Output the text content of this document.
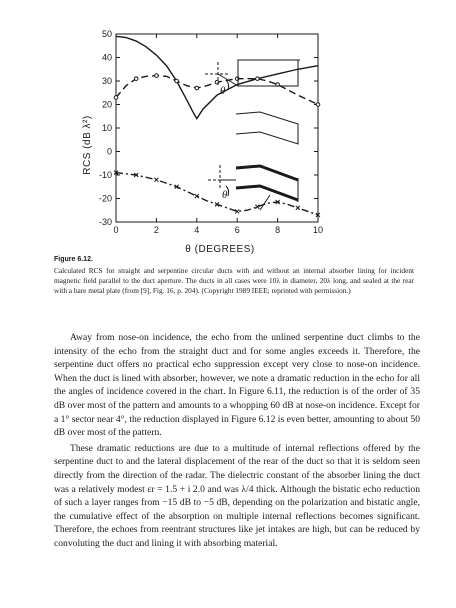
0	2	4	6	8	10
50
40
30
20
10
0
-10
-20
-30
θ
θ
θ (DEGREES)
RCS (dB λ²)

Figure 6.12.

Calculated RCS for straight and serpentine circular ducts with and without an internal absorber lining for incident magnetic field parallel to the duct aperture. The ducts in all cases were 10λ in diameter, 20λ long, and sealed at the rear with a bare metal plate (from [9], Fig. 16, p. 204). (Copyright 1989 IEEE; reprinted with permission.)

Away from nose-on incidence, the echo from the unlined serpentine duct climbs to the intensity of the echo from the straight duct and for some angles exceeds it. Therefore, the serpentine duct offers no practical echo suppression except very close to nose-on incidence. When the duct is lined with absorber, however, we note a dramatic reduction in the echo for all the angles of incidence covered in the chart. In Figure 6.11, the reduction is of the order of 35 dB over most of the pattern and amounts to a whopping 60 dB at nose-on incidence. Except for a 1° sector near 4°, the reduction displayed in Figure 6.12 is even better, amounting to about 50 dB over most of the pattern.

These dramatic reductions are due to a multitude of internal reflections offered by the serpentine duct to and the lateral displacement of the rear of the duct so that it is seldom seen directly from the direction of the radar. The dielectric constant of the absorber lining the duct was a relatively modest εr = 1.5 + i 2.0 and was λ/4 thick. Although the bistatic echo reduction of such a layer ranges from −15 dB to −5 dB, depending on the polarization and bistatic angle, the cumulative effect of the absorption on multiple internal reflections becomes significant. Therefore, the echoes from reentrant structures like jet intakes are high, but can be reduced by convoluting the duct and lining it with absorbing material.
